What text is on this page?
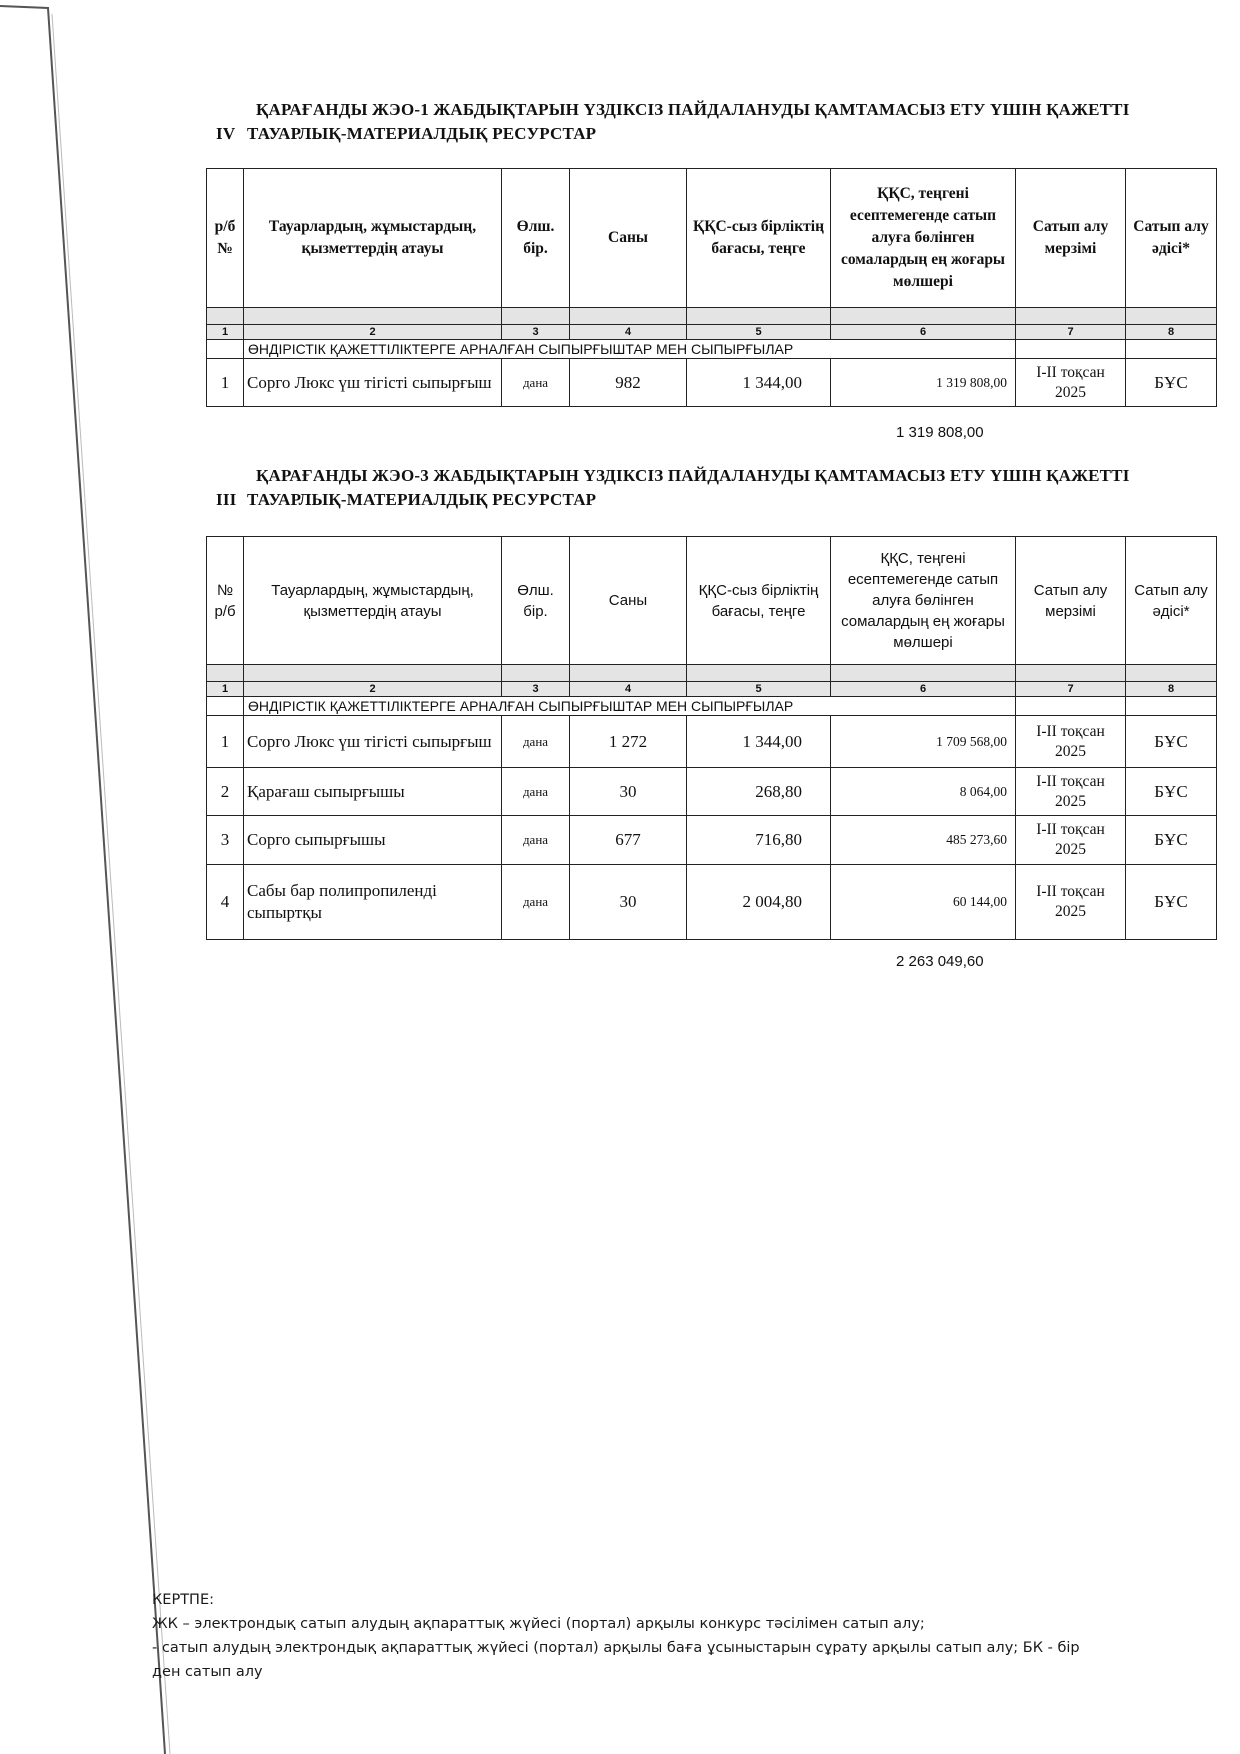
IV
ҚАРАҒАНДЫ ЖЭО-1 ЖАБДЫҚТАРЫН ҮЗДІКСІЗ ПАЙДАЛАНУДЫ ҚАМТАМАСЫЗ ЕТУ ҮШІН ҚАЖЕТТІ
ТАУАРЛЫҚ-МАТЕРИАЛДЫҚ РЕСУРСТАР
р/б №	Тауарлардың, жұмыстардың, қызметтердің атауы	Өлш. бір.	Саны	ҚҚС-сыз бірліктің бағасы, теңге	ҚҚС, теңгені есептемегенде сатып алуға бөлінген сомалардың ең жоғары мөлшері	Сатып алу мерзімі	Сатып алу әдісі*

1	2	3	4	5	6	7	8
	ӨНДІРІСТІК ҚАЖЕТТІЛІКТЕРГЕ АРНАЛҒАН СЫПЫРҒЫШТАР МЕН СЫПЫРҒЫЛАР						
1	Сорго Люкс үш тігісті сыпырғыш	дана	982	1 344,00	1 319 808,00	I-II тоқсан 2025	БҰС
1 319 808,00
III
ҚАРАҒАНДЫ ЖЭО-3 ЖАБДЫҚТАРЫН ҮЗДІКСІЗ ПАЙДАЛАНУДЫ ҚАМТАМАСЫЗ ЕТУ ҮШІН ҚАЖЕТТІ
ТАУАРЛЫҚ-МАТЕРИАЛДЫҚ РЕСУРСТАР
№ р/б	Тауарлардың, жұмыстардың, қызметтердің атауы	Өлш. бір.	Саны	ҚҚС-сыз бірліктің бағасы, теңге	ҚҚС, теңгені есептемегенде сатып алуға бөлінген сомалардың ең жоғары мөлшері	Сатып алу мерзімі	Сатып алу әдісі*

1	2	3	4	5	6	7	8
	ӨНДІРІСТІК ҚАЖЕТТІЛІКТЕРГЕ АРНАЛҒАН СЫПЫРҒЫШТАР МЕН СЫПЫРҒЫЛАР						
1	Сорго Люкс үш тігісті сыпырғыш	дана	1 272	1 344,00	1 709 568,00	I-II тоқсан 2025	БҰС
2	Қарағаш сыпырғышы	дана	30	268,80	8 064,00	I-II тоқсан 2025	БҰС
3	Сорго сыпырғышы	дана	677	716,80	485 273,60	I-II тоқсан 2025	БҰС
4	Сабы бар полипропиленді сыпыртқы	дана	30	2 004,80	60 144,00	I-II тоқсан 2025	БҰС
2 263 049,60
КЕРТПЕ:
ЖК – электрондық сатып алудың ақпараттық жүйесі (портал) арқылы конкурс тәсілімен сатып алу;
- сатып алудың электрондық ақпараттық жүйесі (портал) арқылы баға ұсыныстарын сұрату арқылы сатып алу; БК - бір
ден сатып алу
